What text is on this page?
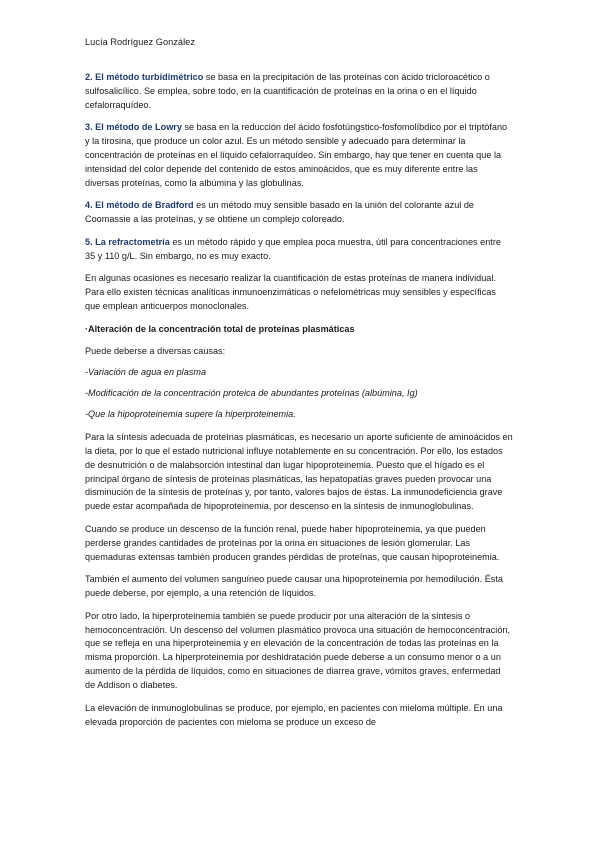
Lucía Rodríguez González

2. El método turbidimétrico se basa en la precipitación de las proteínas con ácido tricloroacético o sulfosalicílico. Se emplea, sobre todo, en la cuantificación de proteínas en la orina o en el líquido cefalorraquídeo.

3. El método de Lowry se basa en la reducción del ácido fosfotúngstico-fosfomolíbdico por el triptófano y la tirosina, que produce un color azul. Es un método sensible y adecuado para determinar la concentración de proteínas en el líquido cefalorraquídeo. Sin embargo, hay que tener en cuenta que la intensidad del color depende del contenido de estos aminoácidos, que es muy diferente entre las diversas proteínas, como la albúmina y las globulinas.

4. El método de Bradford es un método muy sensible basado en la unión del colorante azul de Coomassie a las proteínas, y se obtiene un complejo coloreado.

5. La refractometría es un método rápido y que emplea poca muestra, útil para concentraciones entre 35 y 110 g/L. Sin embargo, no es muy exacto.

En algunas ocasiones es necesario realizar la cuantificación de estas proteínas de manera individual. Para ello existen técnicas analíticas inmunoenzimáticas o nefelométricas muy sensibles y específicas que emplean anticuerpos monoclonales.

·Alteración de la concentración total de proteínas plasmáticas

Puede deberse a diversas causas:

-Variación de agua en plasma

-Modificación de la concentración proteica de abundantes proteínas (albúmina, Ig)

-Que la hipoproteinemia supere la hiperproteinemia.

Para la síntesis adecuada de proteínas plasmáticas, es necesario un aporte suficiente de aminoácidos en la dieta, por lo que el estado nutricional influye notablemente en su concentración. Por ello, los estados de desnutrición o de malabsorción intestinal dan lugar hipoproteinemia. Puesto que el hígado es el principal órgano de síntesis de proteínas plasmáticas, las hepatopatías graves pueden provocar una disminución de la síntesis de proteínas y, por tanto, valores bajos de éstas. La inmunodeficiencia grave puede estar acompañada de hipoproteinemia, por descenso en la síntesis de inmunoglobulinas.

Cuando se produce un descenso de la función renal, puede haber hipoproteinemia, ya que pueden perderse grandes cantidades de proteínas por la orina en situaciones de lesión glomerular. Las quemaduras extensas también producen grandes pérdidas de proteínas, que causan hipoproteinemia.

También el aumento del volumen sanguíneo puede causar una hipoproteinemia por hemodilución. Ésta puede deberse, por ejemplo, a una retención de líquidos.

Por otro lado, la hiperproteinemia también se puede producir por una alteración de la síntesis o hemoconcentración. Un descenso del volumen plasmático provoca una situación de hemoconcentración, que se refleja en una hiperproteinemia y en elevación de la concentración de todas las proteínas en la misma proporción. La hiperproteinemia por deshidratación puede deberse a un consumo menor o a un aumento de la pérdida de líquidos, como en situaciones de diarrea grave, vómitos graves, enfermedad de Addison o diabetes.

La elevación de inmunoglobulinas se produce, por ejemplo, en pacientes con mieloma múltiple. En una elevada proporción de pacientes con mieloma se produce un exceso de
